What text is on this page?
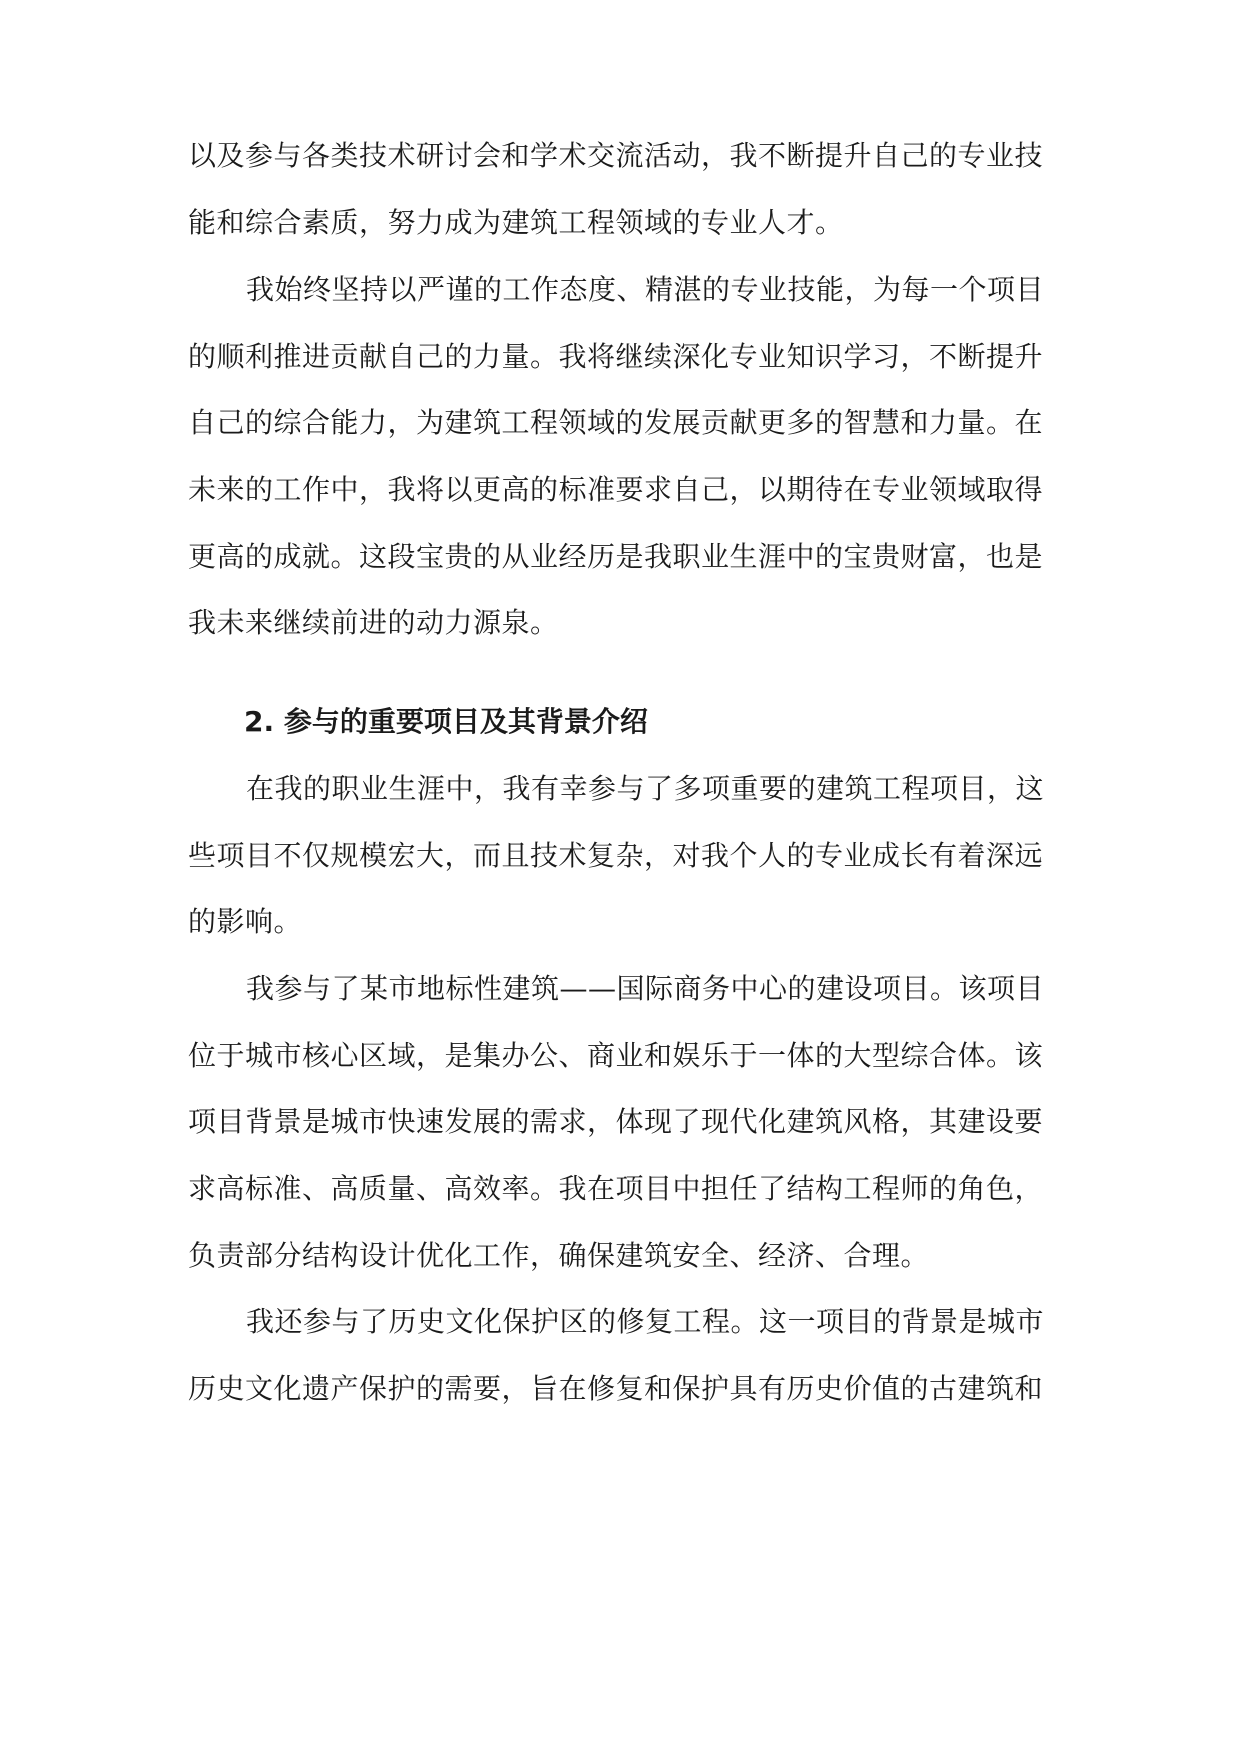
以及参与各类技术研讨会和学术交流活动，我不断提升自己的专业技
能和综合素质，努力成为建筑工程领域的专业人才。
我始终坚持以严谨的工作态度、精湛的专业技能，为每一个项目
的顺利推进贡献自己的力量。我将继续深化专业知识学习，不断提升
自己的综合能力，为建筑工程领域的发展贡献更多的智慧和力量。在
未来的工作中，我将以更高的标准要求自己，以期待在专业领域取得
更高的成就。这段宝贵的从业经历是我职业生涯中的宝贵财富，也是
我未来继续前进的动力源泉。
2. 参与的重要项目及其背景介绍
在我的职业生涯中，我有幸参与了多项重要的建筑工程项目，这
些项目不仅规模宏大，而且技术复杂，对我个人的专业成长有着深远
的影响。
我参与了某市地标性建筑——国际商务中心的建设项目。该项目
位于城市核心区域，是集办公、商业和娱乐于一体的大型综合体。该
项目背景是城市快速发展的需求，体现了现代化建筑风格，其建设要
求高标准、高质量、高效率。我在项目中担任了结构工程师的角色，
负责部分结构设计优化工作，确保建筑安全、经济、合理。
我还参与了历史文化保护区的修复工程。这一项目的背景是城市
历史文化遗产保护的需要，旨在修复和保护具有历史价值的古建筑和
